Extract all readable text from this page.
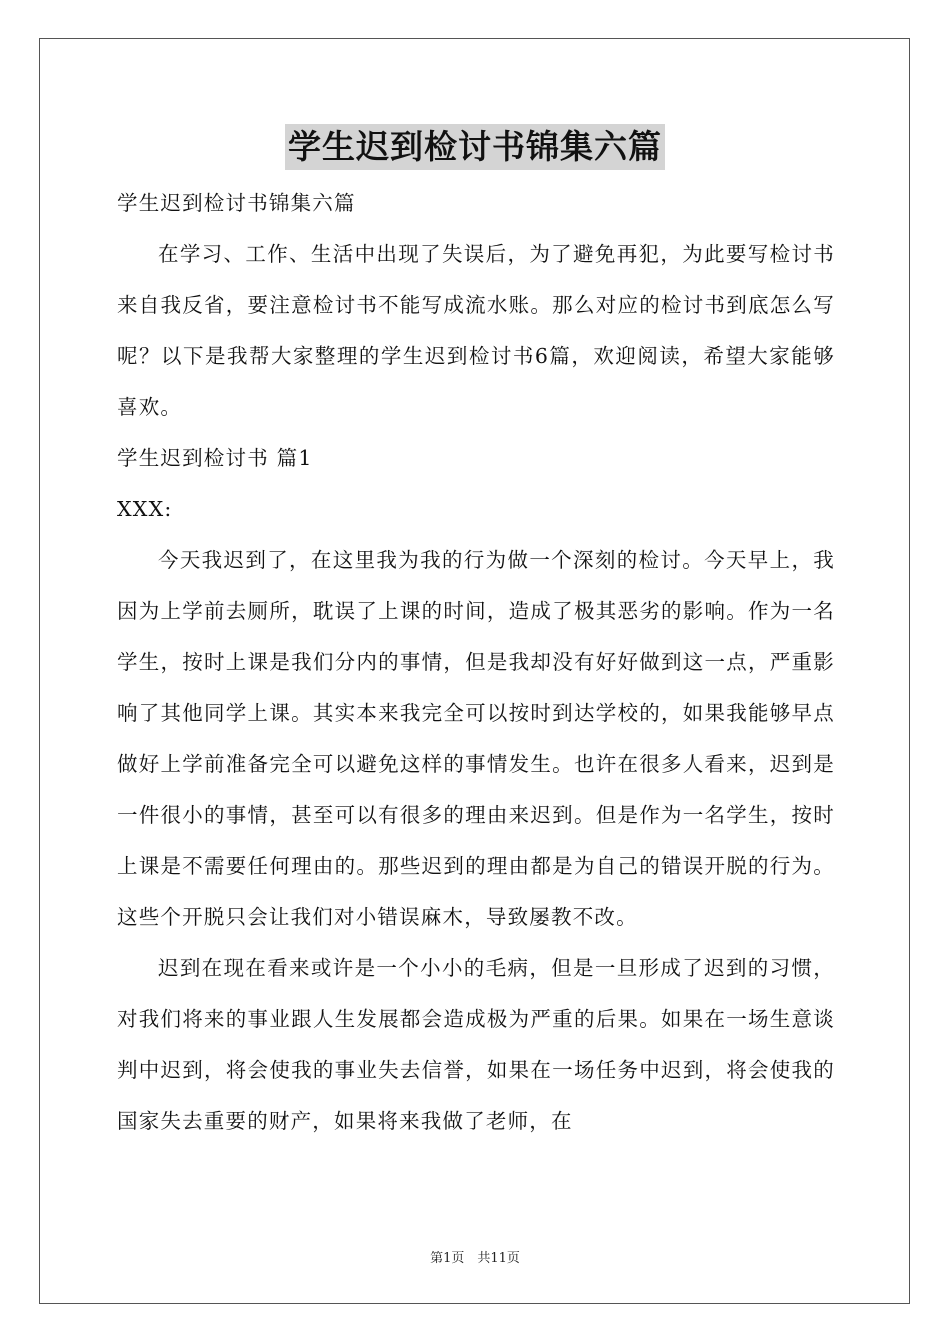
学生迟到检讨书锦集六篇

学生迟到检讨书锦集六篇

在学习、工作、生活中出现了失误后，为了避免再犯，为此要写检讨书来自我反省，要注意检讨书不能写成流水账。那么对应的检讨书到底怎么写呢？以下是我帮大家整理的学生迟到检讨书6篇，欢迎阅读，希望大家能够喜欢。

学生迟到检讨书 篇1

XXX:

今天我迟到了，在这里我为我的行为做一个深刻的检讨。今天早上，我因为上学前去厕所，耽误了上课的时间，造成了极其恶劣的影响。作为一名学生，按时上课是我们分内的事情，但是我却没有好好做到这一点，严重影响了其他同学上课。其实本来我完全可以按时到达学校的，如果我能够早点做好上学前准备完全可以避免这样的事情发生。也许在很多人看来，迟到是一件很小的事情，甚至可以有很多的理由来迟到。但是作为一名学生，按时上课是不需要任何理由的。那些迟到的理由都是为自己的错误开脱的行为。这些个开脱只会让我们对小错误麻木，导致屡教不改。

迟到在现在看来或许是一个小小的毛病，但是一旦形成了迟到的习惯，对我们将来的事业跟人生发展都会造成极为严重的后果。如果在一场生意谈判中迟到，将会使我的事业失去信誉，如果在一场任务中迟到，将会使我的国家失去重要的财产，如果将来我做了老师，在

第1页　共11页
